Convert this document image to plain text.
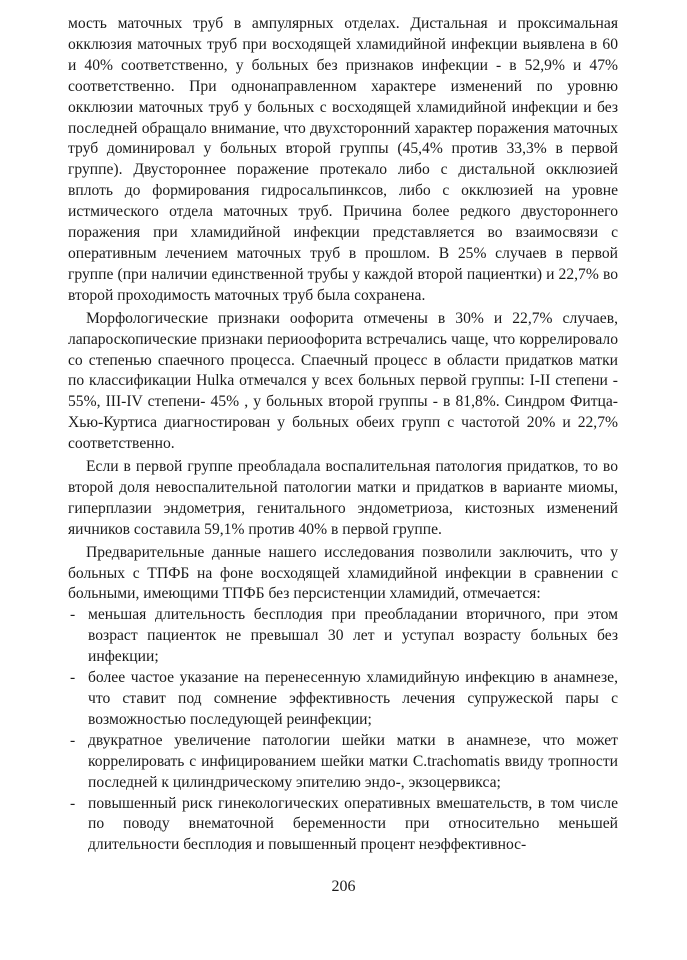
мость маточных труб в ампулярных отделах. Дистальная и проксимальная окклюзия маточных труб при восходящей хламидийной инфекции выявлена в 60 и 40% соответственно, у больных без признаков инфекции - в 52,9% и 47% соответственно. При однонаправленном характере изменений по уровню окклюзии маточных труб у больных с восходящей хламидийной инфекции и без последней обращало внимание, что двухсторонний характер поражения маточных труб доминировал у больных второй группы (45,4% против 33,3% в первой группе). Двустороннее поражение протекало либо с дистальной окклюзией вплоть до формирования гидросальпинксов, либо с окклюзией на уровне истмического отдела маточных труб. Причина более редкого двустороннего поражения при хламидийной инфекции представляется во взаимосвязи с оперативным лечением маточных труб в прошлом. В 25% случаев в первой группе (при наличии единственной трубы у каждой второй пациентки) и 22,7% во второй проходимость маточных труб была сохранена.

Морфологические признаки оофорита отмечены в 30% и 22,7% случаев, лапароскопические признаки периоофорита встречались чаще, что коррелировало со степенью спаечного процесса. Спаечный процесс в области придатков матки по классификации Hulka отмечался у всех больных первой группы: I-II степени - 55%, III-IV степени- 45% , у больных второй группы - в 81,8%. Синдром Фитца-Хью-Куртиса диагностирован у больных обеих групп с частотой 20% и 22,7% соответственно.

Если в первой группе преобладала воспалительная патология придатков, то во второй доля невоспалительной патологии матки и придатков в варианте миомы, гиперплазии эндометрия, генитального эндометриоза, кистозных изменений яичников составила 59,1% против 40% в первой группе.

Предварительные данные нашего исследования позволили заключить, что у больных с ТПФБ на фоне восходящей хламидийной инфекции в сравнении с больными, имеющими ТПФБ без персистенции хламидий, отмечается:

- меньшая длительность бесплодия при преобладании вторичного, при этом возраст пациенток не превышал 30 лет и уступал возрасту больных без инфекции;
- более частое указание на перенесенную хламидийную инфекцию в анамнезе, что ставит под сомнение эффективность лечения супружеской пары с возможностью последующей реинфекции;
- двукратное увеличение патологии шейки матки в анамнезе, что может коррелировать с инфицированием шейки матки C.trachomatis ввиду тропности последней к цилиндрическому эпителию эндо-, экзоцервикса;
- повышенный риск гинекологических оперативных вмешательств, в том числе по поводу внематочной беременности при относительно меньшей длительности бесплодия и повышенный процент неэффективнос-
206
